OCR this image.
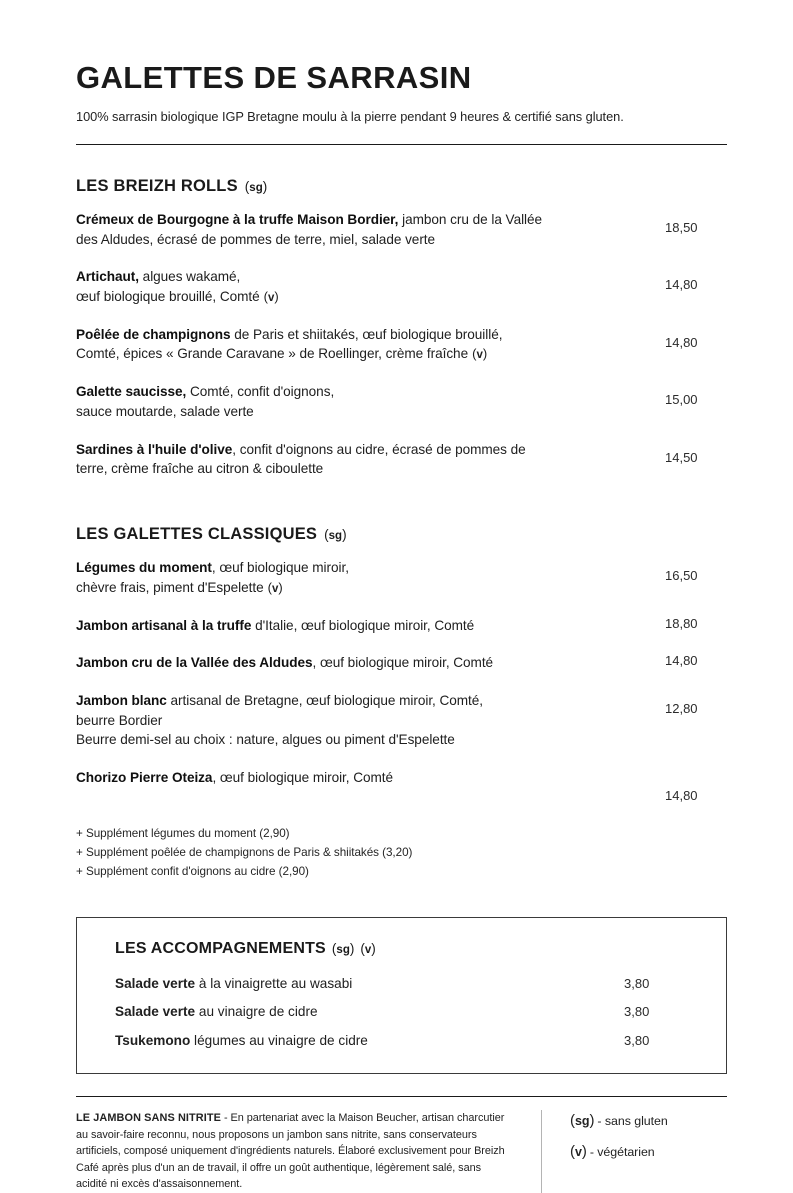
GALETTES DE SARRASIN

100% sarrasin biologique IGP Bretagne moulu à la pierre pendant 9 heures & certifié sans gluten.

LES BREIZH ROLLS (sg)
Crémeux de Bourgogne à la truffe Maison Bordier, jambon cru de la Vallée
des Aldudes, écrasé de pommes de terre, miel, salade verte
18,50
Artichaut, algues wakamé,
œuf biologique brouillé, Comté (v)
14,80
Poêlée de champignons de Paris et shiitakés, œuf biologique brouillé,
Comté, épices « Grande Caravane » de Roellinger, crème fraîche (v)
14,80
Galette saucisse, Comté, confit d'oignons,
sauce moutarde, salade verte
15,00
Sardines à l'huile d'olive, confit d'oignons au cidre, écrasé de pommes de
terre, crème fraîche au citron & ciboulette
14,50
LES GALETTES CLASSIQUES (sg)
Légumes du moment, œuf biologique miroir,
chèvre frais, piment d'Espelette (v)
16,50
Jambon artisanal à la truffe d'Italie, œuf biologique miroir, Comté	18,80
Jambon cru de la Vallée des Aldudes, œuf biologique miroir, Comté	14,80
Jambon blanc artisanal de Bretagne, œuf biologique miroir, Comté,
beurre Bordier
Beurre demi-sel au choix : nature, algues ou piment d'Espelette
12,80
Chorizo Pierre Oteiza, œuf biologique miroir, Comté
14,80
+ Supplément légumes du moment (2,90)
+ Supplément poêlée de champignons de Paris & shiitakés (3,20)
+ Supplément confit d'oignons au cidre (2,90)
LES ACCOMPAGNEMENTS (sg) (v)
Salade verte à la vinaigrette au wasabi	3,80
Salade verte au vinaigre de cidre	3,80
Tsukemono légumes au vinaigre de cidre	3,80
LE JAMBON SANS NITRITE - En partenariat avec la Maison Beucher, artisan charcutier au savoir-faire reconnu, nous proposons un jambon sans nitrite, sans conservateurs artificiels, composé uniquement d'ingrédients naturels. Élaboré exclusivement pour Breizh Café après plus d'un an de travail, il offre un goût authentique, légèrement salé, sans acidité ni excès d'assaisonnement.
(sg) - sans gluten
(v) - végétarien
